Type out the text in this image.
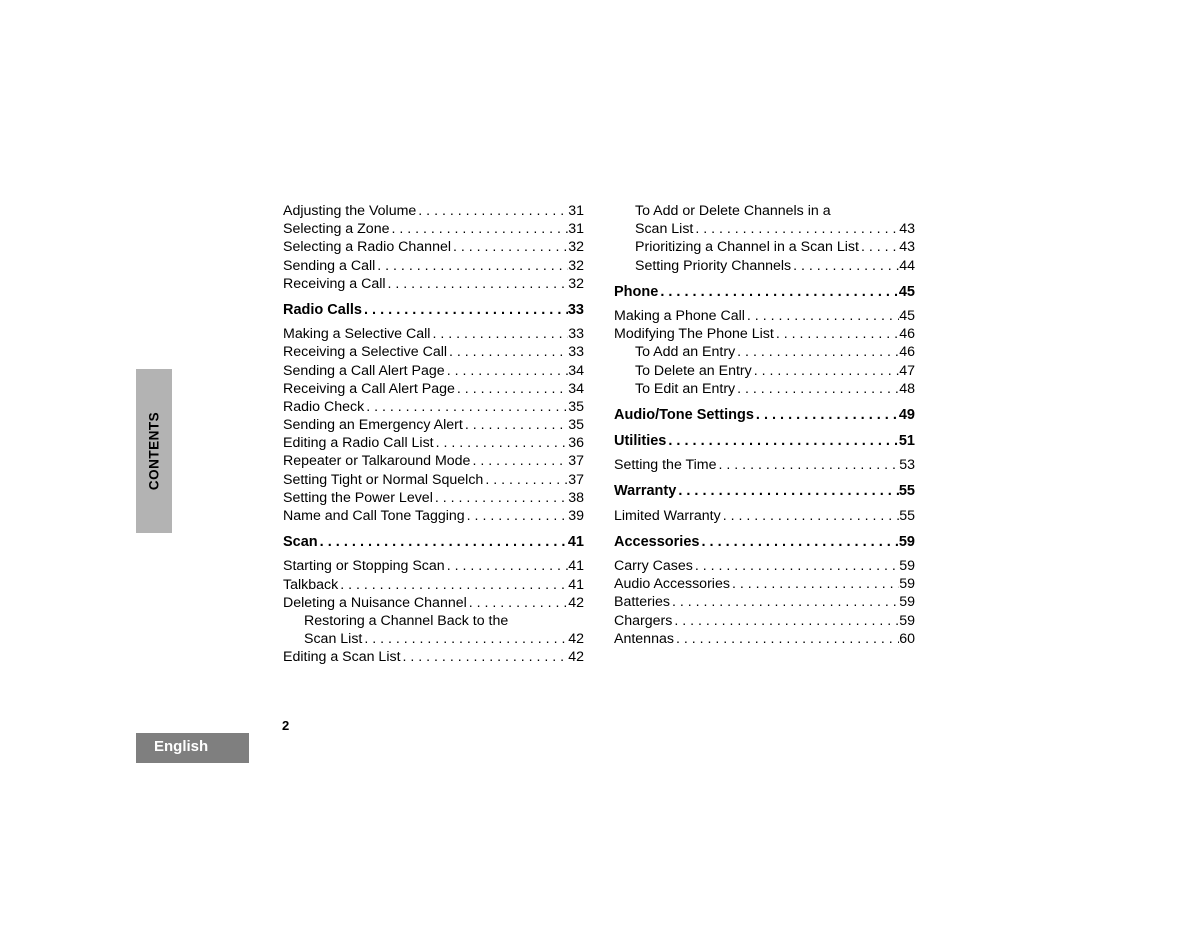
CONTENTS
Adjusting the Volume . . .	31
Selecting a Zone . . .	31
Selecting a Radio Channel . . .	32
Sending a Call . . .	32
Receiving a Call . . .	32
Radio Calls . . .	33
Making a Selective Call . . .	33
Receiving a Selective Call . . .	33
Sending a Call Alert Page . . .	34
Receiving a Call Alert Page . . .	34
Radio Check . . .	35
Sending an Emergency Alert . . .	35
Editing a Radio Call List . . .	36
Repeater or Talkaround Mode . . .	37
Setting Tight or Normal Squelch . . .	37
Setting the Power Level . . .	38
Name and Call Tone Tagging . . .	39
Scan . . .	41
Starting or Stopping Scan . . .	41
Talkback . . .	41
Deleting a Nuisance Channel . . .	42
Restoring a Channel Back to the
Scan List . . .	42
Editing a Scan List . . .	42
To Add or Delete Channels in a
Scan List . . .	43
Prioritizing a Channel in a Scan List . . .	43
Setting Priority Channels . . .	44
Phone . . .	45
Making a Phone Call . . .	45
Modifying The Phone List . . .	46
To Add an Entry . . .	46
To Delete an Entry . . .	47
To Edit an Entry . . .	48
Audio/Tone Settings . . .	49
Utilities . . .	51
Setting the Time . . .	53
Warranty . . .	55
Limited Warranty . . .	55
Accessories . . .	59
Carry Cases . . .	59
Audio Accessories . . .	59
Batteries . . .	59
Chargers . . .	59
Antennas . . .	60
2
English
